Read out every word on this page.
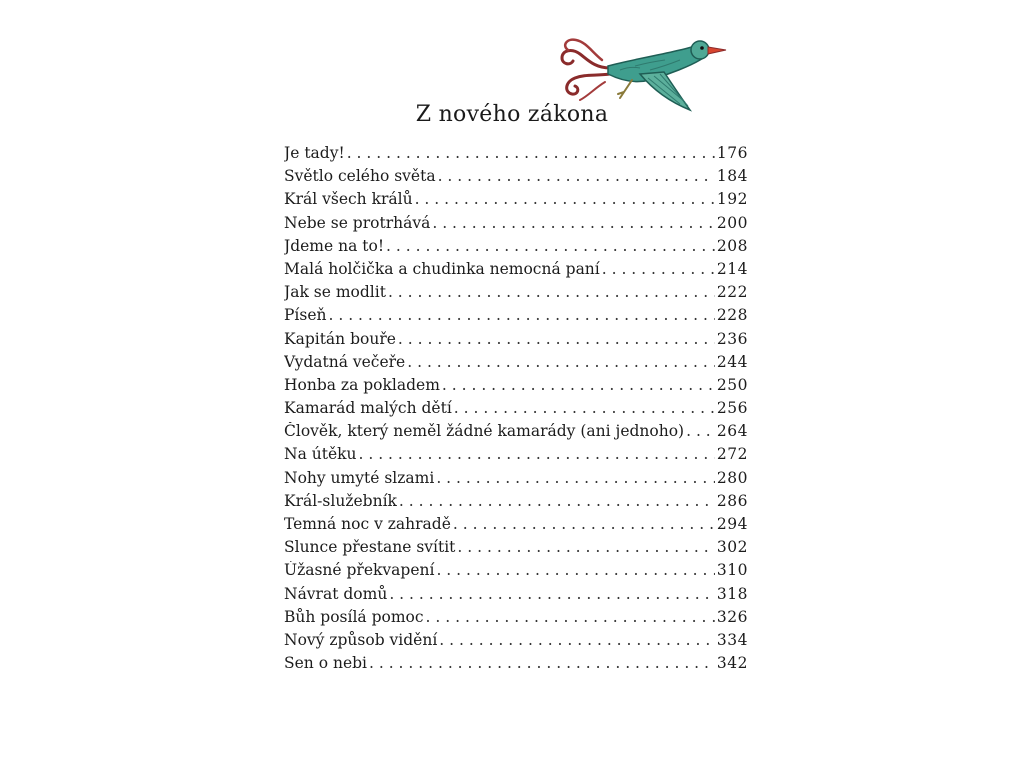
Z nového zákona
Je tady! . . .	176
Světlo celého světa . . .	184
Král všech králů . . .	192
Nebe se protrhává . . .	200
Jdeme na to! . . .	208
Malá holčička a chudinka nemocná paní . . .	214
Jak se modlit . . .	222
Píseň . . .	228
Kapitán bouře . . .	236
Vydatná večeře . . .	244
Honba za pokladem . . .	250
Kamarád malých dětí . . .	256
Člověk, který neměl žádné kamarády (ani jednoho) . . . 264
Na útěku . . .	272
Nohy umyté slzami . . .	280
Král-služebník . . .	286
Temná noc v zahradě . . .	294
Slunce přestane svítit . . .	302
Úžasné překvapení . . .	310
Návrat domů . . .	318
Bůh posílá pomoc . . .	326
Nový způsob vidění . . .	334
Sen o nebi . . .	342
